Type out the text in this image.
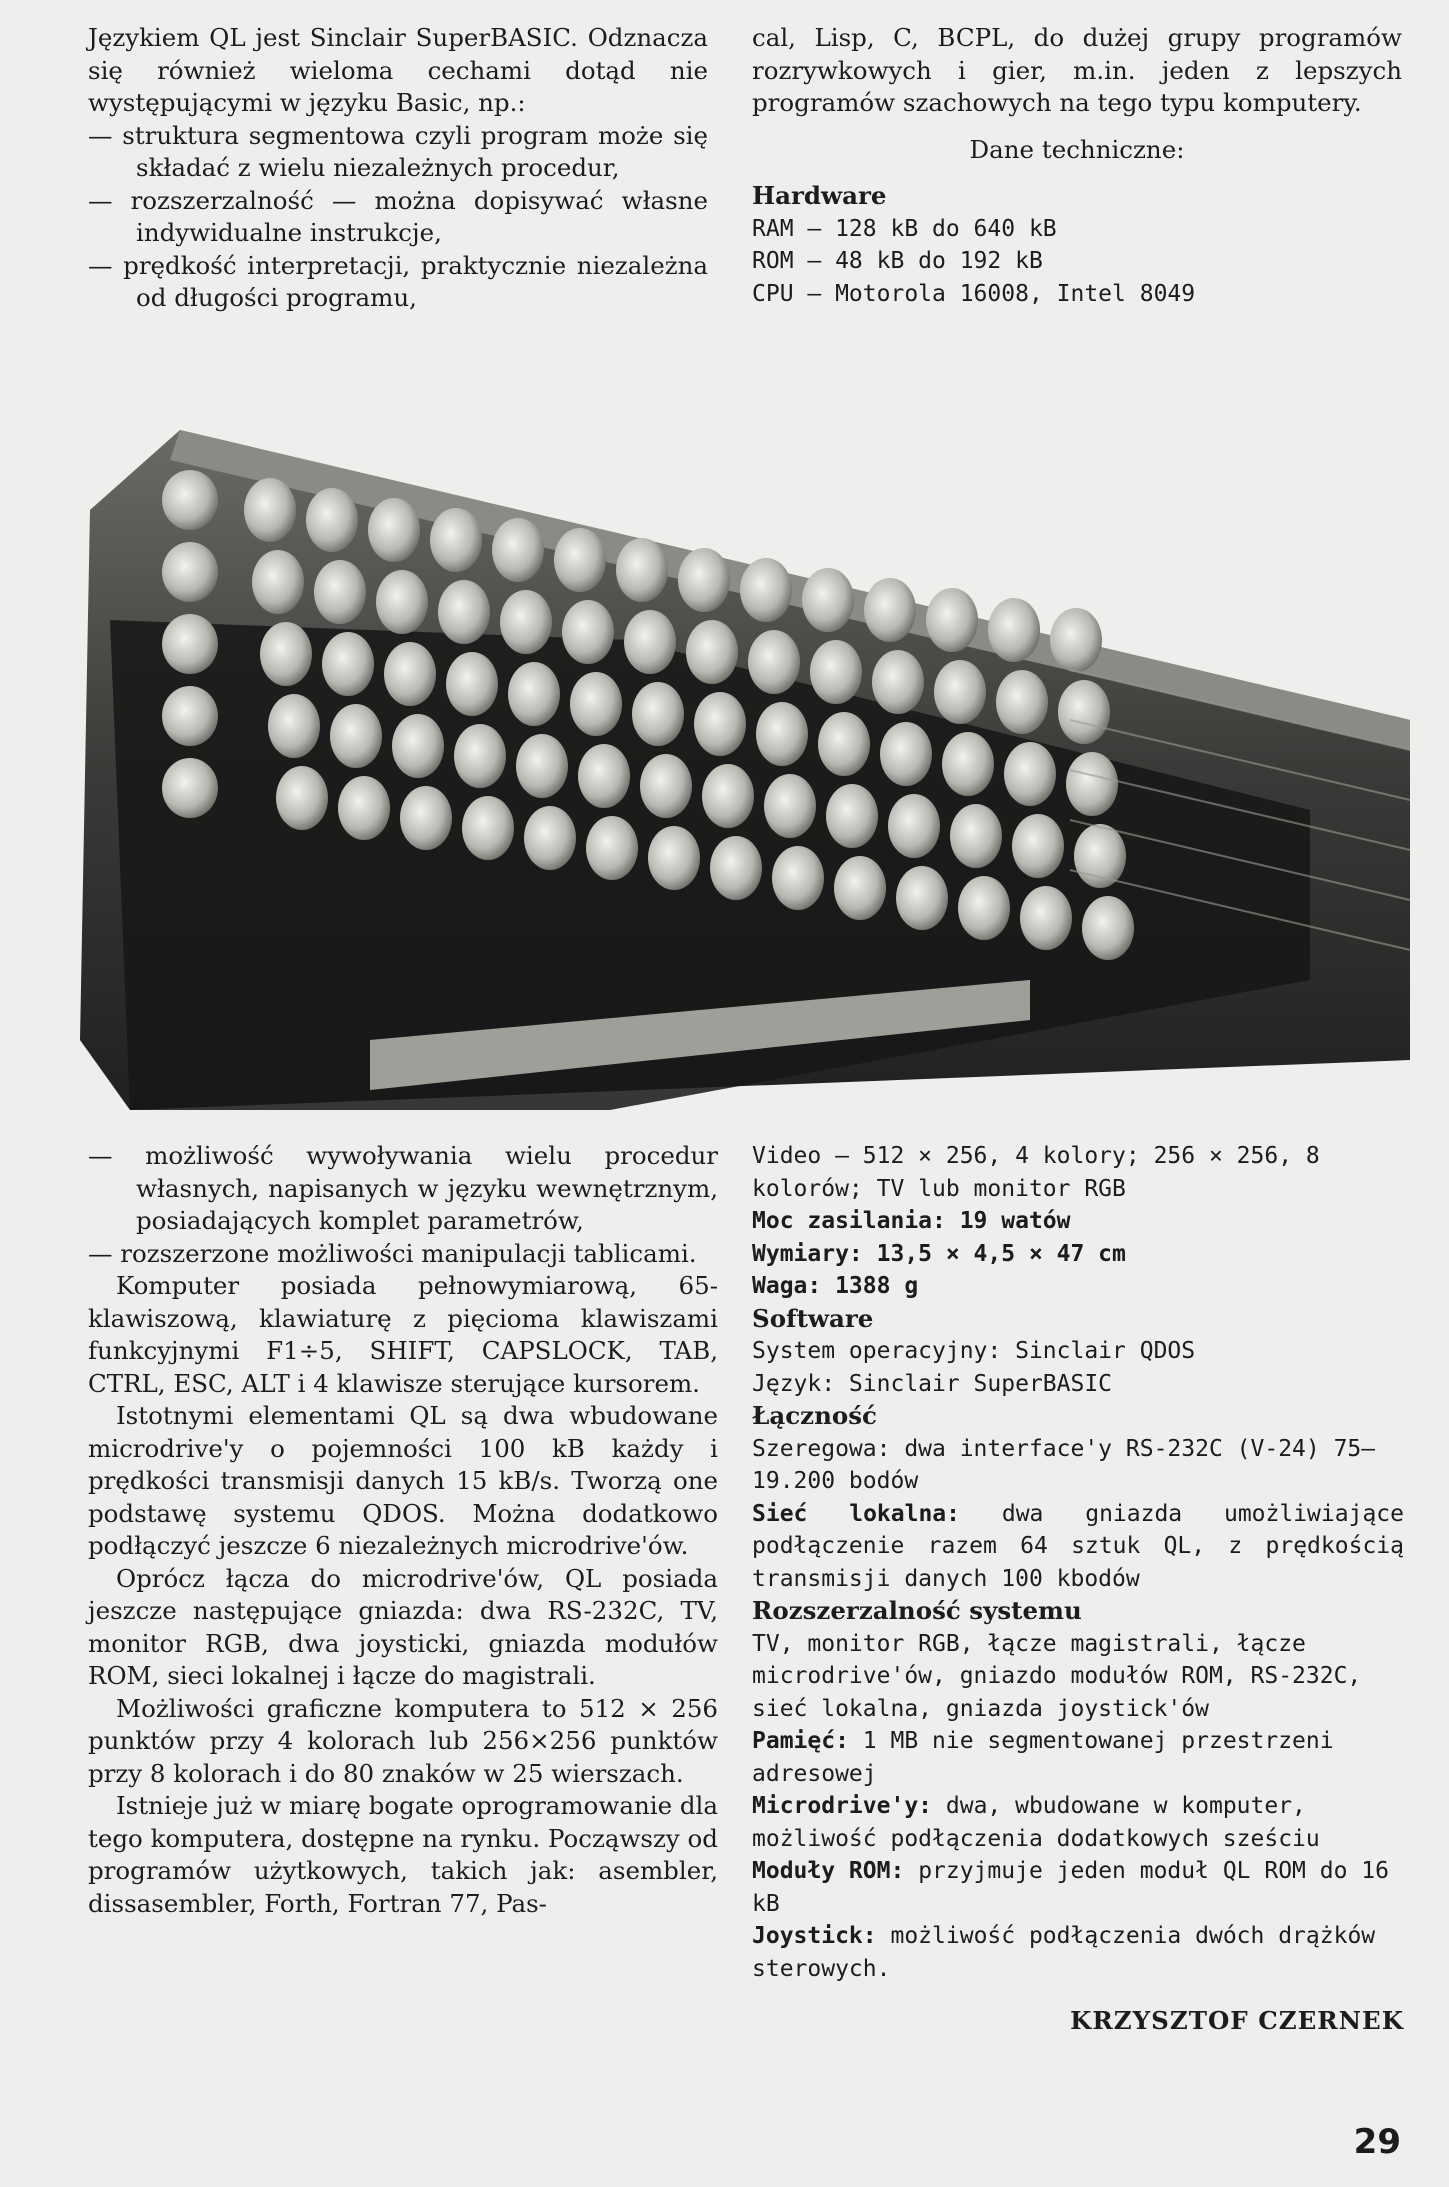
Językiem QL jest Sinclair SuperBASIC. Odznacza się również wieloma cechami dotąd nie występującymi w języku Basic, np.:

— struktura segmentowa czyli program może się składać z wielu niezależnych procedur,

— rozszerzalność — można dopisywać własne indywidualne instrukcje,

— prędkość interpretacji, praktycznie niezależna od długości programu,

cal, Lisp, C, BCPL, do dużej grupy programów rozrywkowych i gier, m.in. jeden z lepszych programów szachowych na tego typu komputery.

Dane techniczne:

Hardware

RAM — 128 kB do 640 kB

ROM — 48 kB do 192 kB

CPU — Motorola 16008, Intel 8049

— możliwość wywoływania wielu procedur własnych, napisanych w języku wewnętrznym, posiadających komplet parametrów,

— rozszerzone możliwości manipulacji tablicami.

Komputer posiada pełnowymiarową, 65-klawiszową, klawiaturę z pięcioma klawiszami funkcyjnymi F1÷5, SHIFT, CAPSLOCK, TAB, CTRL, ESC, ALT i 4 klawisze sterujące kursorem.

Istotnymi elementami QL są dwa wbudowane microdrive'y o pojemności 100 kB każdy i prędkości transmisji danych 15 kB/s. Tworzą one podstawę systemu QDOS. Można dodatkowo podłączyć jeszcze 6 niezależnych microdrive'ów.

Oprócz łącza do microdrive'ów, QL posiada jeszcze następujące gniazda: dwa RS-232C, TV, monitor RGB, dwa joysticki, gniazda modułów ROM, sieci lokalnej i łącze do magistrali.

Możliwości graficzne komputera to 512 × 256 punktów przy 4 kolorach lub 256×256 punktów przy 8 kolorach i do 80 znaków w 25 wierszach.

Istnieje już w miarę bogate oprogramowanie dla tego komputera, dostępne na rynku. Począwszy od programów użytkowych, takich jak: asembler, dissasembler, Forth, Fortran 77, Pas-

Video — 512 × 256, 4 kolory; 256 × 256, 8 kolorów; TV lub monitor RGB

Moc zasilania: 19 watów

Wymiary: 13,5 × 4,5 × 47 cm

Waga: 1388 g

Software

System operacyjny: Sinclair QDOS

Język: Sinclair SuperBASIC

Łączność

Szeregowa: dwa interface'y RS-232C (V-24) 75—19.200 bodów

Sieć lokalna: dwa gniazda umożliwiające podłączenie razem 64 sztuk QL, z prędkością transmisji danych 100 kbodów

Rozszerzalność systemu

TV, monitor RGB, łącze magistrali, łącze microdrive'ów, gniazdo modułów ROM, RS-232C, sieć lokalna, gniazda joystick'ów

Pamięć: 1 MB nie segmentowanej przestrzeni adresowej

Microdrive'y: dwa, wbudowane w komputer, możliwość podłączenia dodatkowych sześciu

Moduły ROM: przyjmuje jeden moduł QL ROM do 16 kB

Joystick: możliwość podłączenia dwóch drążków sterowych.

KRZYSZTOF CZERNEK

29
